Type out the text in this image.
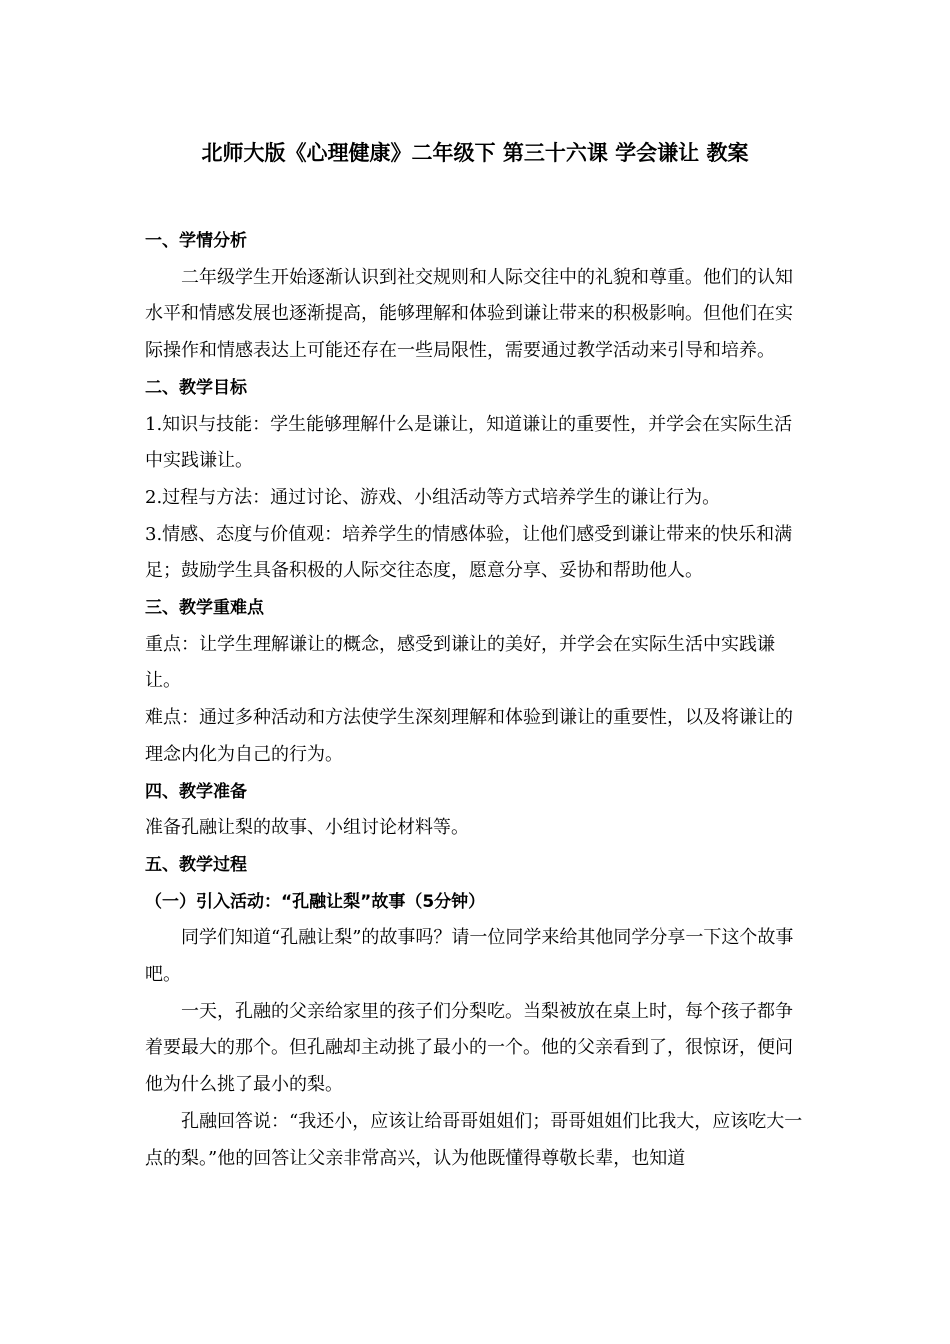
北师大版《心理健康》二年级下 第三十六课 学会谦让 教案

一、学情分析

二年级学生开始逐渐认识到社交规则和人际交往中的礼貌和尊重。他们的认知水平和情感发展也逐渐提高，能够理解和体验到谦让带来的积极影响。但他们在实际操作和情感表达上可能还存在一些局限性，需要通过教学活动来引导和培养。

二、教学目标

1.知识与技能：学生能够理解什么是谦让，知道谦让的重要性，并学会在实际生活中实践谦让。

2.过程与方法：通过讨论、游戏、小组活动等方式培养学生的谦让行为。

3.情感、态度与价值观：培养学生的情感体验，让他们感受到谦让带来的快乐和满足；鼓励学生具备积极的人际交往态度，愿意分享、妥协和帮助他人。

三、教学重难点

重点：让学生理解谦让的概念，感受到谦让的美好，并学会在实际生活中实践谦让。

难点：通过多种活动和方法使学生深刻理解和体验到谦让的重要性，以及将谦让的理念内化为自己的行为。

四、教学准备

准备孔融让梨的故事、小组讨论材料等。

五、教学过程

（一）引入活动：“孔融让梨”故事（5分钟）

同学们知道“孔融让梨”的故事吗？请一位同学来给其他同学分享一下这个故事吧。

一天，孔融的父亲给家里的孩子们分梨吃。当梨被放在桌上时，每个孩子都争着要最大的那个。但孔融却主动挑了最小的一个。他的父亲看到了，很惊讶，便问他为什么挑了最小的梨。

孔融回答说：“我还小，应该让给哥哥姐姐们；哥哥姐姐们比我大，应该吃大一点的梨。”他的回答让父亲非常高兴，认为他既懂得尊敬长辈，也知道
